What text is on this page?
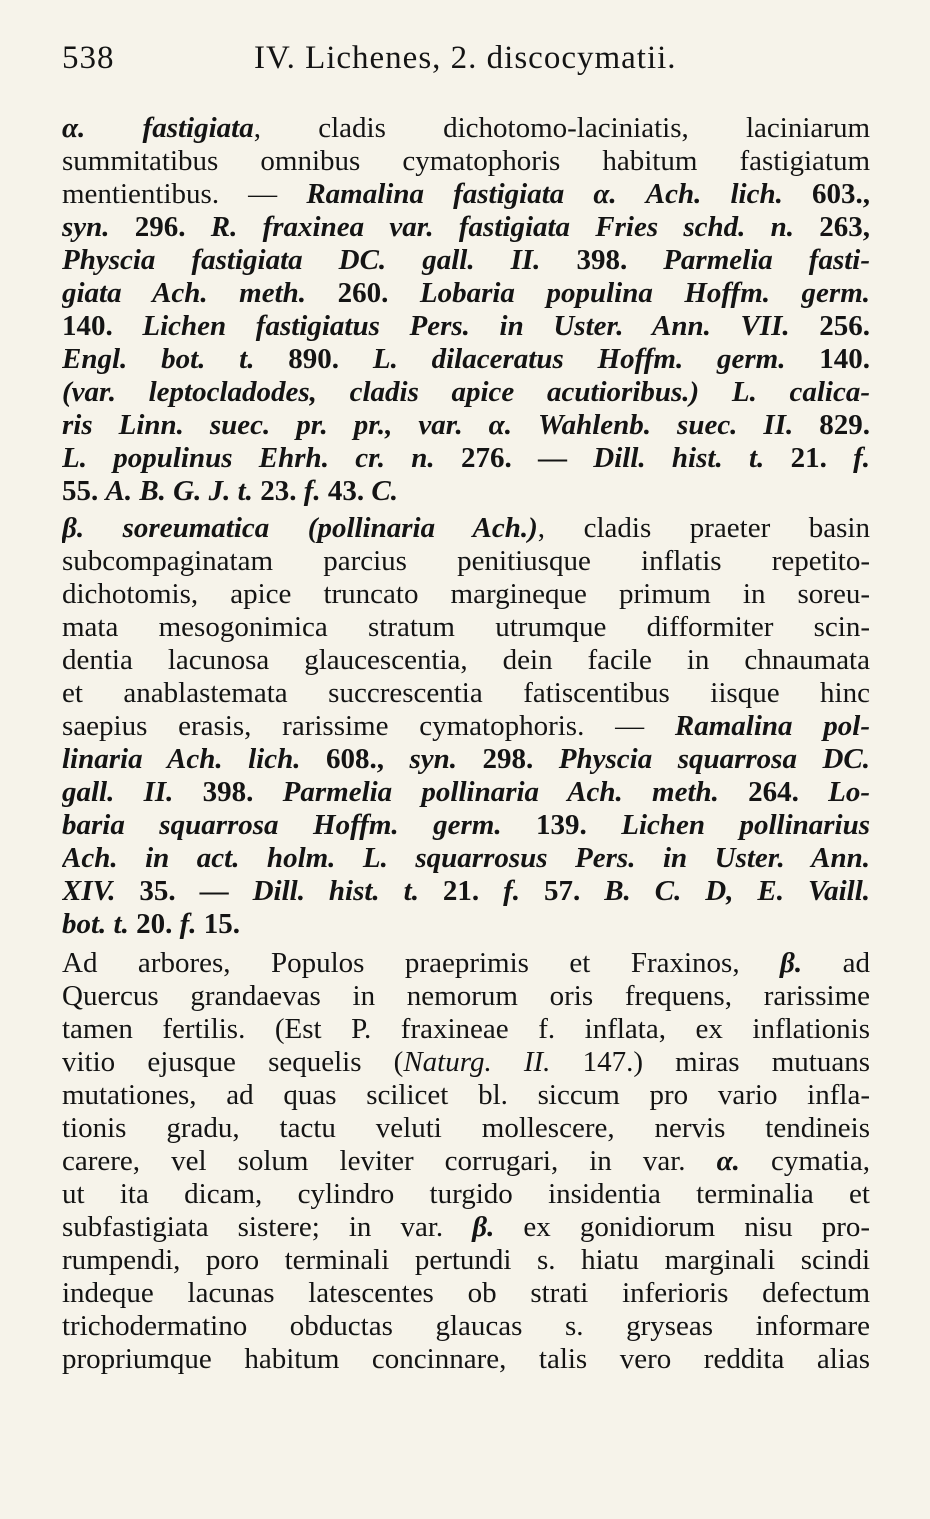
538	IV. Lichenes, 2. discocymatii.
α. fastigiata, cladis dichotomo-laciniatis, laciniarum
summitatibus omnibus cymatophoris habitum fastigiatum
mentientibus. — Ramalina fastigiata α. Ach. lich. 603.,
syn. 296. R. fraxinea var. fastigiata Fries schd. n. 263,
Physcia fastigiata DC. gall. II. 398. Parmelia fasti-
giata Ach. meth. 260. Lobaria populina Hoffm. germ.
140. Lichen fastigiatus Pers. in Uster. Ann. VII. 256.
Engl. bot. t. 890. L. dilaceratus Hoffm. germ. 140.
(var. leptocladodes, cladis apice acutioribus.) L. calica-
ris Linn. suec. pr. pr., var. α. Wahlenb. suec. II. 829.
L. populinus Ehrh. cr. n. 276. — Dill. hist. t. 21. f.
55. A. B. G. J. t. 23. f. 43. C.
β. soreumatica (pollinaria Ach.), cladis praeter basin
subcompaginatam parcius penitiusque inflatis repetito-
dichotomis, apice truncato margineque primum in soreu-
mata mesogonimica stratum utrumque difformiter scin-
dentia lacunosa glaucescentia, dein facile in chnaumata
et anablastemata succrescentia fatiscentibus iisque hinc
saepius erasis, rarissime cymatophoris. — Ramalina pol-
linaria Ach. lich. 608., syn. 298. Physcia squarrosa DC.
gall. II. 398. Parmelia pollinaria Ach. meth. 264. Lo-
baria squarrosa Hoffm. germ. 139. Lichen pollinarius
Ach. in act. holm. L. squarrosus Pers. in Uster. Ann.
XIV. 35. — Dill. hist. t. 21. f. 57. B. C. D, E. Vaill.
bot. t. 20. f. 15.
Ad arbores, Populos praeprimis et Fraxinos, β. ad
Quercus grandaevas in nemorum oris frequens, rarissime
tamen fertilis. (Est P. fraxineae f. inflata, ex inflationis
vitio ejusque sequelis (Naturg. II. 147.) miras mutuans
mutationes, ad quas scilicet bl. siccum pro vario infla-
tionis gradu, tactu veluti mollescere, nervis tendineis
carere, vel solum leviter corrugari, in var. α. cymatia,
ut ita dicam, cylindro turgido insidentia terminalia et
subfastigiata sistere; in var. β. ex gonidiorum nisu pro-
rumpendi, poro terminali pertundi s. hiatu marginali scindi
indeque lacunas latescentes ob strati inferioris defectum
trichodermatino obductas glaucas s. gryseas informare
propriumque habitum concinnare, talis vero reddita alias
